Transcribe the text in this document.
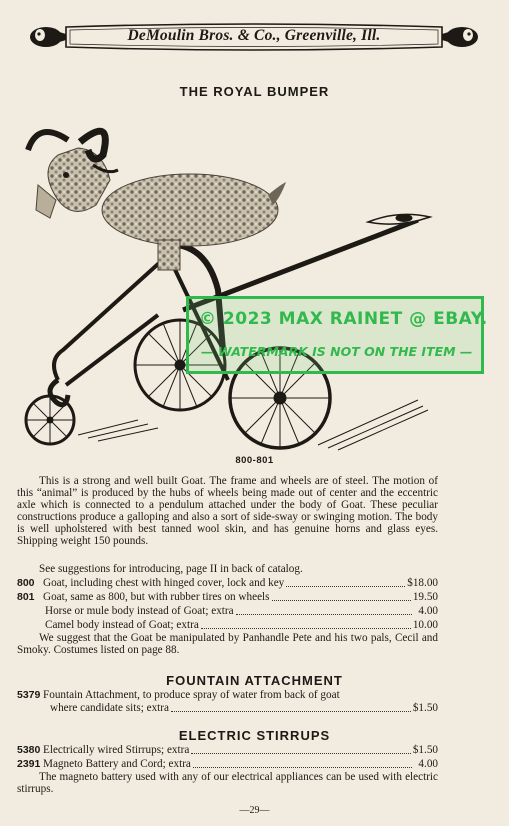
DeMoulin Bros. & Co., Greenville, Ill.
THE ROYAL BUMPER
© 2023 MAX RAINET @ EBAY.
— WATERMARK IS NOT ON THE ITEM —
800-801
This is a strong and well built Goat. The frame and wheels are of steel. The motion of this “animal” is produced by the hubs of wheels being made out of center and the eccentric axle which is connected to a pendulum attached under the body of Goat. These peculiar constructions produce a galloping and also a sort of side-sway or swinging motion. The body is well upholstered with best tanned wool skin, and has genuine horns and glass eyes. Shipping weight 150 pounds.
See suggestions for introducing, page II in back of catalog.
800 Goat, including chest with hinged cover, lock and key	$18.00
801 Goat, same as 800, but with rubber tires on wheels	19.50
Horse or mule body instead of Goat; extra	4.00
Camel body instead of Goat; extra	10.00
We suggest that the Goat be manipulated by Panhandle Pete and his two pals, Cecil and Smoky. Costumes listed on page 88.
FOUNTAIN ATTACHMENT
5379 Fountain Attachment, to produce spray of water from back of goat
where candidate sits; extra	$1.50
ELECTRIC STIRRUPS
5380 Electrically wired Stirrups; extra	$1.50
2391 Magneto Battery and Cord; extra	4.00
The magneto battery used with any of our electrical appliances can be used with electric stirrups.
—29—
